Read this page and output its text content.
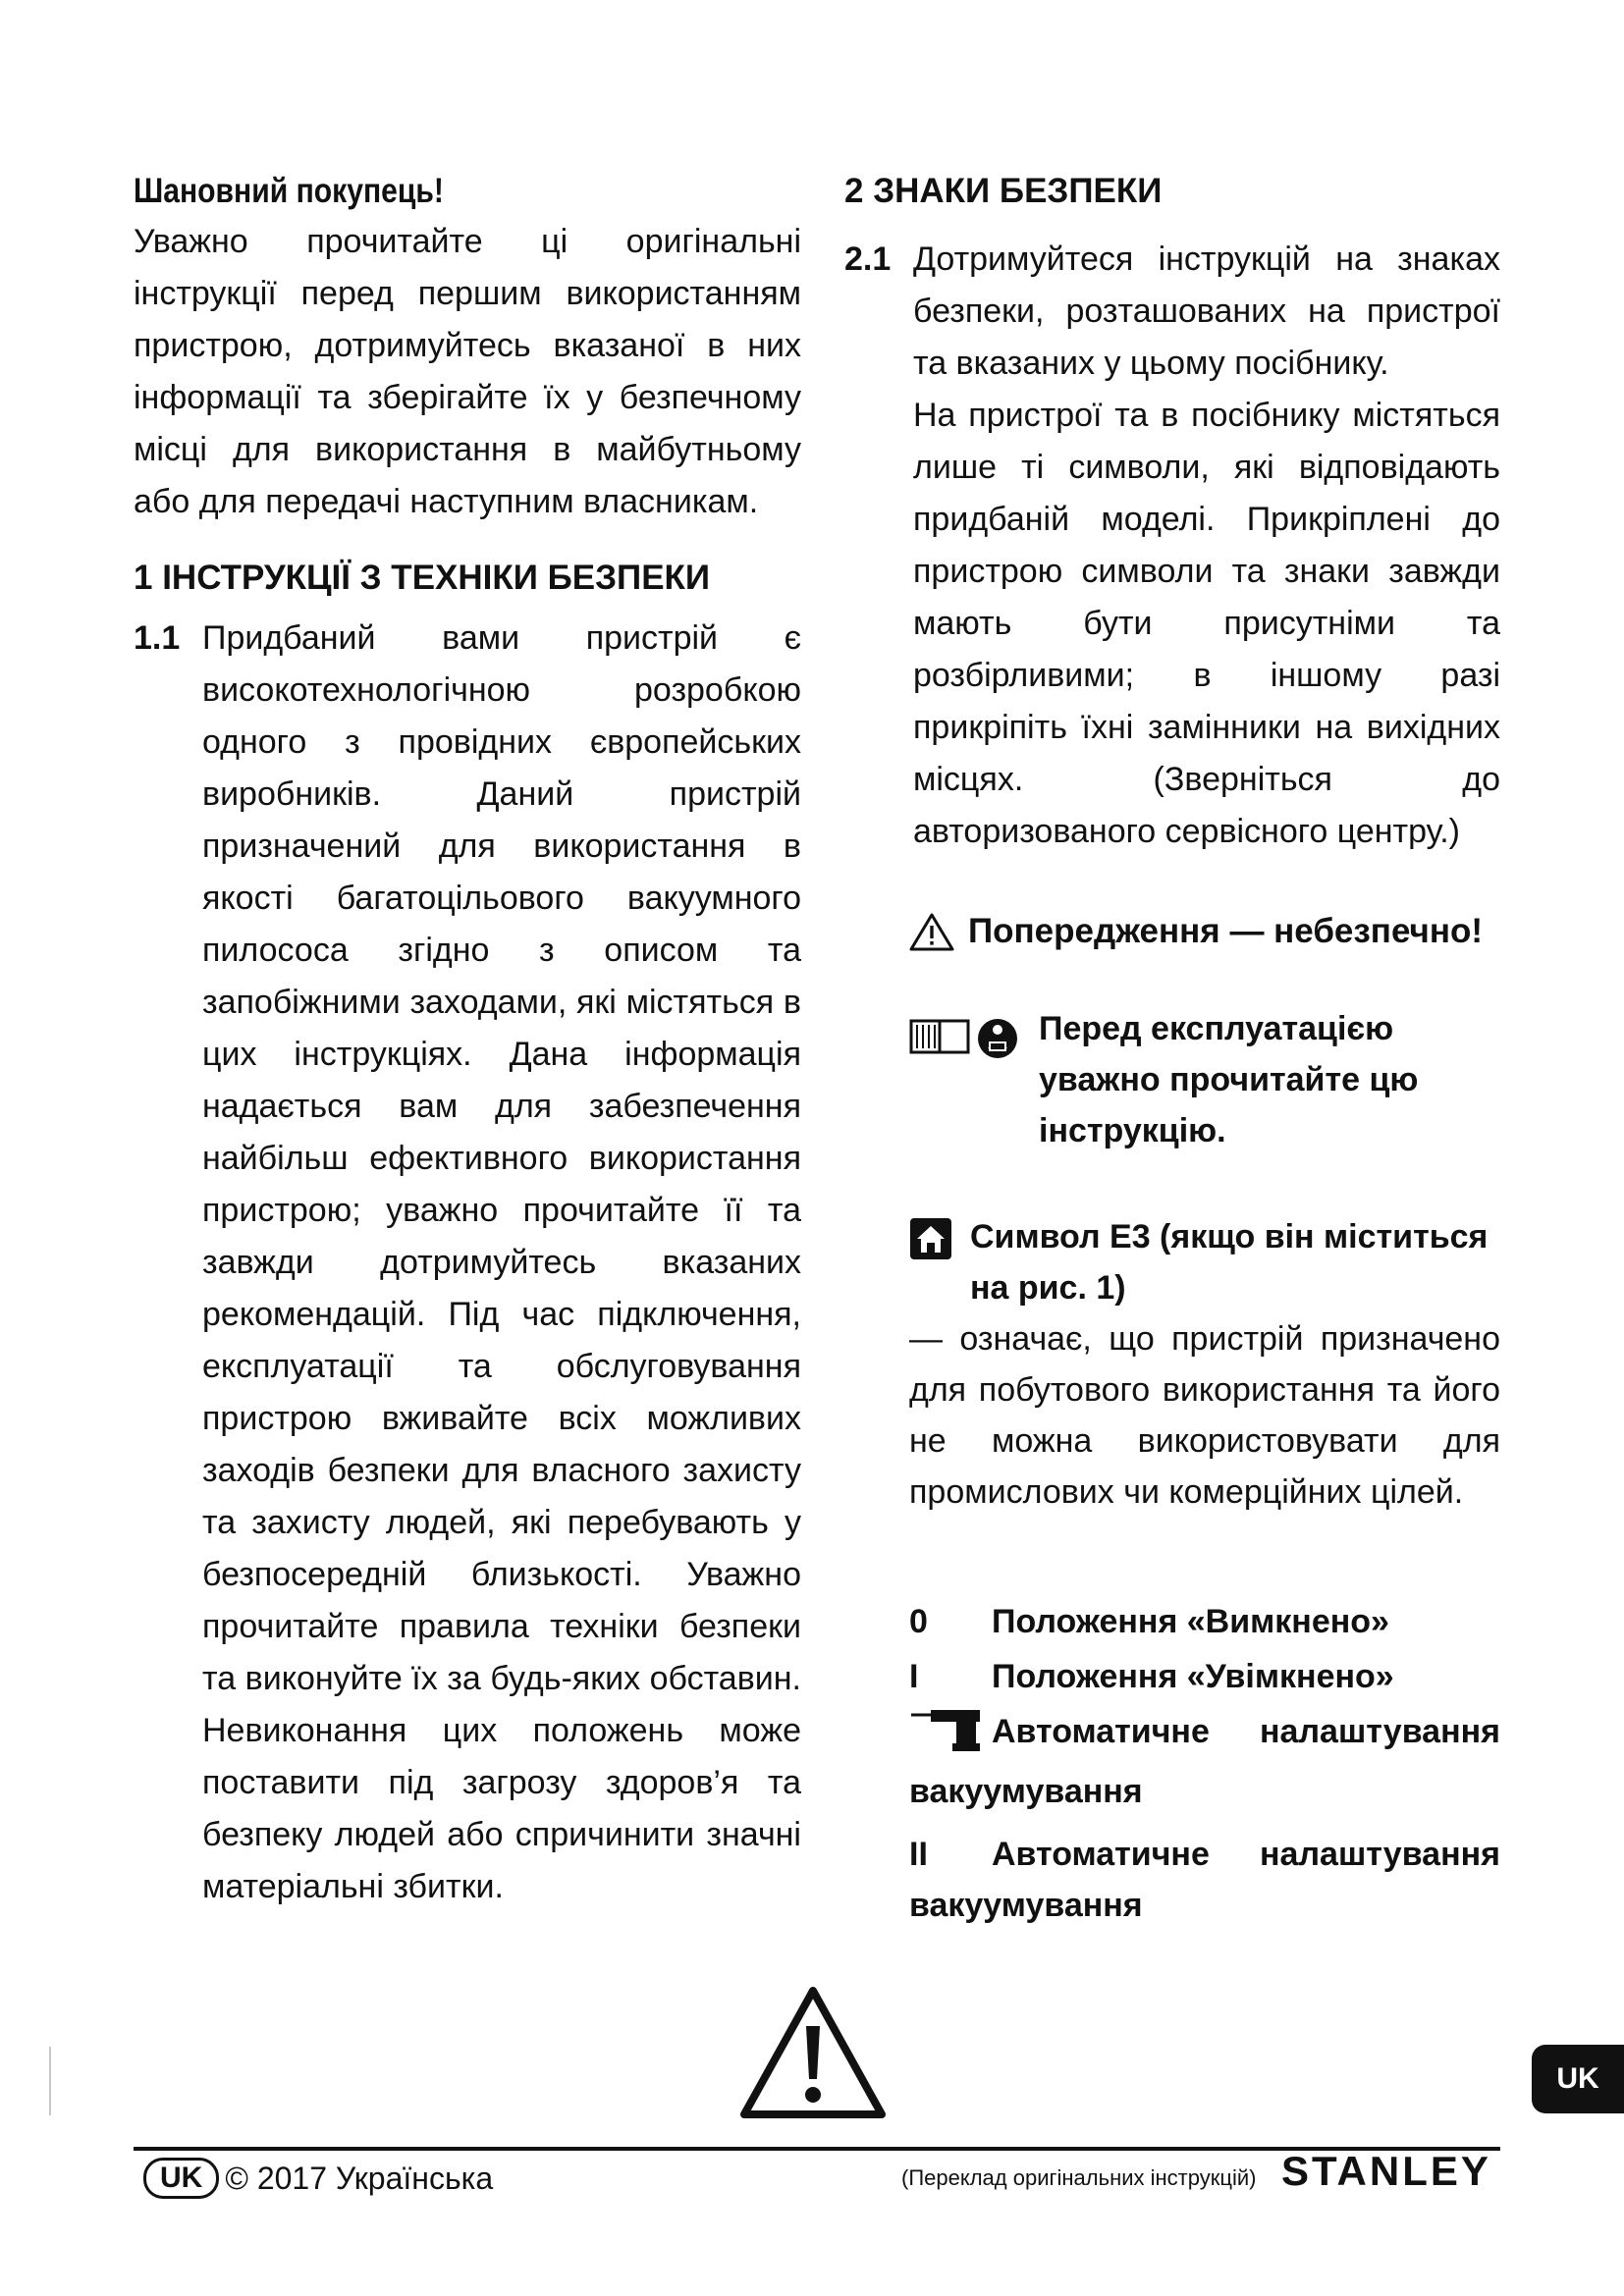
Шановний покупець!
Уважно прочитайте ці оригінальні інструкції перед першим використанням пристрою, дотримуйтесь вказаної в них інформації та зберігайте їх у безпечному місці для використання в майбутньому або для передачі наступним власникам.
1 ІНСТРУКЦІЇ З ТЕХНІКИ БЕЗПЕКИ
1.1 Придбаний вами пристрій є високотехнологічною розробкою одного з провідних європейських виробників. Даний пристрій призначений для використання в якості багатоцільового вакуумного пилососа згідно з описом та запобіжними заходами, які містяться в цих інструкціях. Дана інформація надається вам для забезпечення найбільш ефективного використання пристрою; уважно прочитайте її та завжди дотримуйтесь вказаних рекомендацій. Під час підключення, експлуатації та обслуговування пристрою вживайте всіх можливих заходів безпеки для власного захисту та захисту людей, які перебувають у безпосередній близькості. Уважно прочитайте правила техніки безпеки та виконуйте їх за будь-яких обставин. Невиконання цих положень може поставити під загрозу здоров’я та безпеку людей або спричинити значні матеріальні збитки.

2 ЗНАКИ БЕЗПЕКИ
2.1 Дотримуйтеся інструкцій на знаках безпеки, розташованих на пристрої та вказаних у цьому посібнику.

На пристрої та в посібнику містяться лише ті символи, які відповідають придбаній моделі. Прикріплені до пристрою символи та знаки завжди мають бути присутніми та розбірливими; в іншому разі прикріпіть їхні замінники на вихідних місцях. (Зверніться до авторизованого сервісного центру.)

Попередження — небезпечно!
Перед експлуатацією уважно прочитайте цю інструкцію.
Символ E3 (якщо він міститься на рис. 1)
— означає, що пристрій призначено для побутового використання та його не можна використовувати для промислових чи комерційних цілей.
0	Положення «Вимкнено»
I	Положення «Увімкнено»
Автоматичне налаштування
вакуумування
II	Автоматичне налаштування
вакуумування
UK
UK © 2017 Українська	(Переклад оригінальних інструкцій) STANLEY
